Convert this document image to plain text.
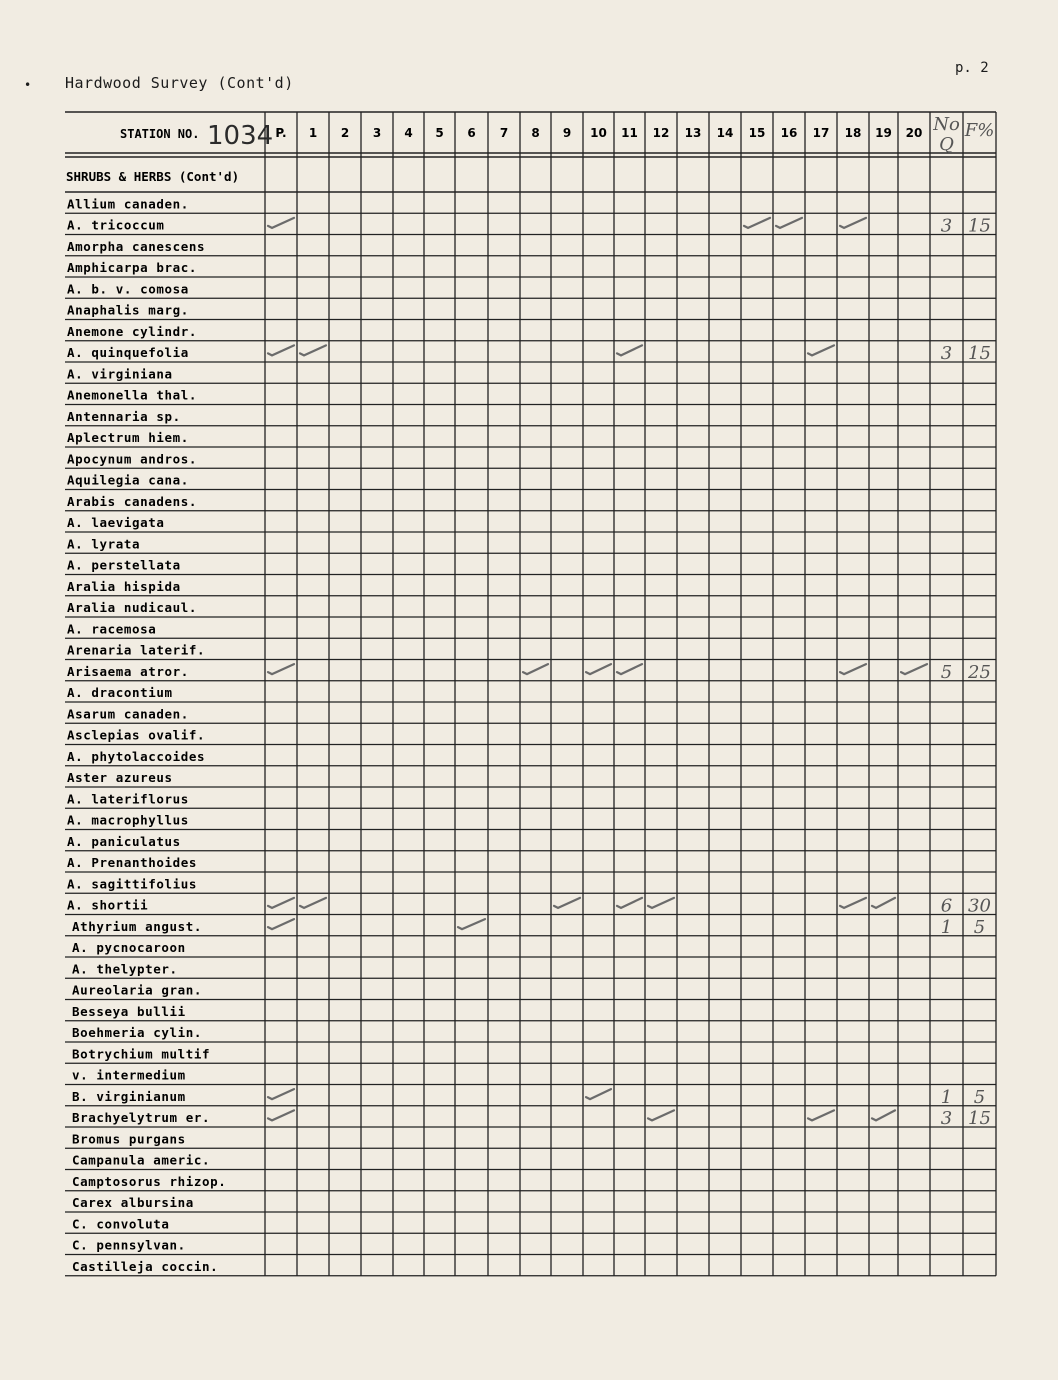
• Hardwood Survey (Cont'd)
p. 2
STATION NO. 1034 P. 1 2 3 4 5 6 7 8 9 10 11 12 13 14 15 16 17 18 19 20 No
Q
F%
SHRUBS & HERBS (Cont'd)
Allium canaden.
A. tricoccum	3 15
Amorpha canescens
Amphicarpa brac.
A. b. v. comosa
Anaphalis marg.
Anemone cylindr.
A. quinquefolia	3 15
A. virginiana
Anemonella thal.
Antennaria sp.
Aplectrum hiem.
Apocynum andros.
Aquilegia cana.
Arabis canadens.
A. laevigata
A. lyrata
A. perstellata
Aralia hispida
Aralia nudicaul.
A. racemosa
Arenaria laterif.
Arisaema atror.	5 25
A. dracontium
Asarum canaden.
Asclepias ovalif.
A. phytolaccoides
Aster azureus
A. lateriflorus
A. macrophyllus
A. paniculatus
A. Prenanthoides
A. sagittifolius
A. shortii	6 30
Athyrium angust.	1 5
A. pycnocaroon
A. thelypter.
Aureolaria gran.
Besseya bullii
Boehmeria cylin.
Botrychium multif
v. intermedium
B. virginianum	1 5
Brachyelytrum er.	3 15
Bromus purgans
Campanula americ.
Camptosorus rhizop.
Carex albursina
C. convoluta
C. pennsylvan.
Castilleja coccin.
